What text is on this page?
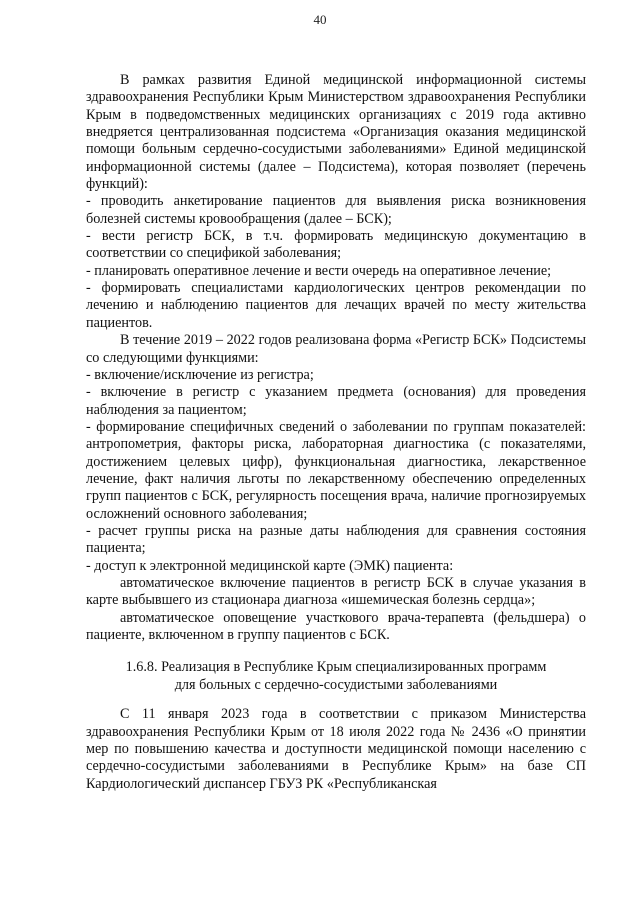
40

В рамках развития Единой медицинской информационной системы здравоохранения Республики Крым Министерством здравоохранения Республики Крым в подведомственных медицинских организациях с 2019 года активно внедряется централизованная подсистема «Организация оказания медицинской помощи больным сердечно-сосудистыми заболеваниями» Единой медицинской информационной системы (далее – Подсистема), которая позволяет (перечень функций):

- проводить анкетирование пациентов для выявления риска возникновения болезней системы кровообращения (далее – БСК);

- вести регистр БСК, в т.ч. формировать медицинскую документацию в соответствии со спецификой заболевания;

- планировать оперативное лечение и вести очередь на оперативное лечение;

- формировать специалистами кардиологических центров рекомендации по лечению и наблюдению пациентов для лечащих врачей по месту жительства пациентов.

В течение 2019 – 2022 годов реализована форма «Регистр БСК» Подсистемы со следующими функциями:

- включение/исключение из регистра;

- включение в регистр с указанием предмета (основания) для проведения наблюдения за пациентом;

- формирование специфичных сведений о заболевании по группам показателей: антропометрия, факторы риска, лабораторная диагностика (с показателями, достижением целевых цифр), функциональная диагностика, лекарственное лечение, факт наличия льготы по лекарственному обеспечению определенных групп пациентов с БСК, регулярность посещения врача, наличие прогнозируемых осложнений основного заболевания;

- расчет группы риска на разные даты наблюдения для сравнения состояния пациента;

- доступ к электронной медицинской карте (ЭМК) пациента:

автоматическое включение пациентов в регистр БСК в случае указания в карте выбывшего из стационара диагноза «ишемическая болезнь сердца»;

автоматическое оповещение участкового врача-терапевта (фельдшера) о пациенте, включенном в группу пациентов с БСК.

1.6.8. Реализация в Республике Крым специализированных программ
для больных с сердечно-сосудистыми заболеваниями

С 11 января 2023 года в соответствии с приказом Министерства здравоохранения Республики Крым от 18 июля 2022 года № 2436 «О принятии мер по повышению качества и доступности медицинской помощи населению с сердечно-сосудистыми заболеваниями в Республике Крым» на базе СП Кардиологический диспансер ГБУЗ РК «Республиканская
